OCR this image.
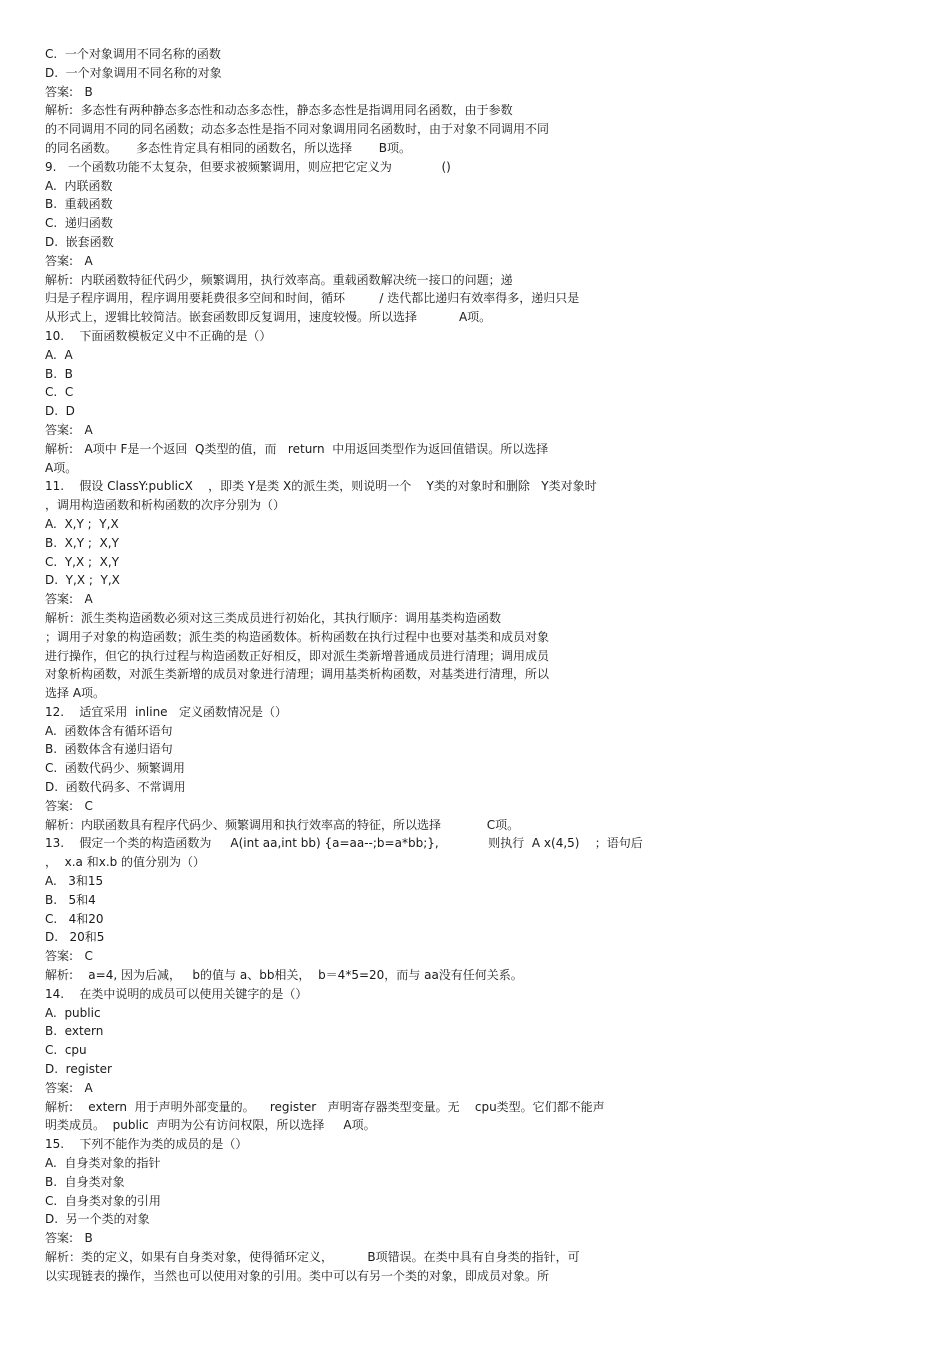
C.  一个对象调用不同名称的函数
D.  一个对象调用不同名称的对象
答案:   B
解析:  多态性有两种静态多态性和动态多态性，静态多态性是指调用同名函数，由于参数
的不同调用不同的同名函数；动态多态性是指不同对象调用同名函数时，由于对象不同调用不同
的同名函数。     多态性肯定具有相同的函数名，所以选择       B项。
9.   一个函数功能不太复杂，但要求被频繁调用，则应把它定义为             ()
A.  内联函数
B.  重载函数
C.  递归函数
D.  嵌套函数
答案:   A
解析:  内联函数特征代码少，频繁调用，执行效率高。重载函数解决统一接口的问题；递
归是子程序调用，程序调用要耗费很多空间和时间，循环         / 迭代都比递归有效率得多，递归只是
从形式上，逻辑比较简洁。嵌套函数即反复调用，速度较慢。所以选择           A项。
10.    下面函数模板定义中不正确的是（）
A.  A
B.  B
C.  C
D.  D
答案:   A
解析:   A项中 F是一个返回  Q类型的值，而   return  中用返回类型作为返回值错误。所以选择
A项。
11.    假设 ClassY:publicX    ，即类 Y是类 X的派生类，则说明一个    Y类的对象时和删除   Y类对象时
，调用构造函数和析构函数的次序分别为（）
A.  X,Y ;  Y,X
B.  X,Y ;  X,Y
C.  Y,X ;  X,Y
D.  Y,X ;  Y,X
答案:   A
解析：派生类构造函数必须对这三类成员进行初始化，其执行顺序：调用基类构造函数
；调用子对象的构造函数；派生类的构造函数体。析构函数在执行过程中也要对基类和成员对象
进行操作，但它的执行过程与构造函数正好相反，即对派生类新增普通成员进行清理；调用成员
对象析构函数，对派生类新增的成员对象进行清理；调用基类析构函数，对基类进行清理，所以
选择 A项。
12.    适宜采用  inline   定义函数情况是（）
A.  函数体含有循环语句
B.  函数体含有递归语句
C.  函数代码少、频繁调用
D.  函数代码多、不常调用
答案:   C
解析：内联函数具有程序代码少、频繁调用和执行效率高的特征，所以选择            C项。
13.    假定一个类的构造函数为     A(int aa,int bb) {a=aa--;b=a*bb;},             则执行  A x(4,5)    ；语句后
，  x.a 和x.b 的值分别为（）
A.   3和15
B.   5和4
C.   4和20
D.   20和5
答案:   C
解析:    a=4, 因为后减，   b的值与 a、bb相关，  b＝4*5=20，而与 aa没有任何关系。
14.    在类中说明的成员可以使用关键字的是（）
A.  public
B.  extern
C.  cpu
D.  register
答案:   A
解析:    extern  用于声明外部变量的。    register   声明寄存器类型变量。无    cpu类型。它们都不能声
明类成员。  public  声明为公有访问权限，所以选择     A项。
15.    下列不能作为类的成员的是（）
A.  自身类对象的指针
B.  自身类对象
C.  自身类对象的引用
D.  另一个类的对象
答案:   B
解析：类的定义，如果有自身类对象，使得循环定义，         B项错误。在类中具有自身类的指针，可
以实现链表的操作，当然也可以使用对象的引用。类中可以有另一个类的对象，即成员对象。所
